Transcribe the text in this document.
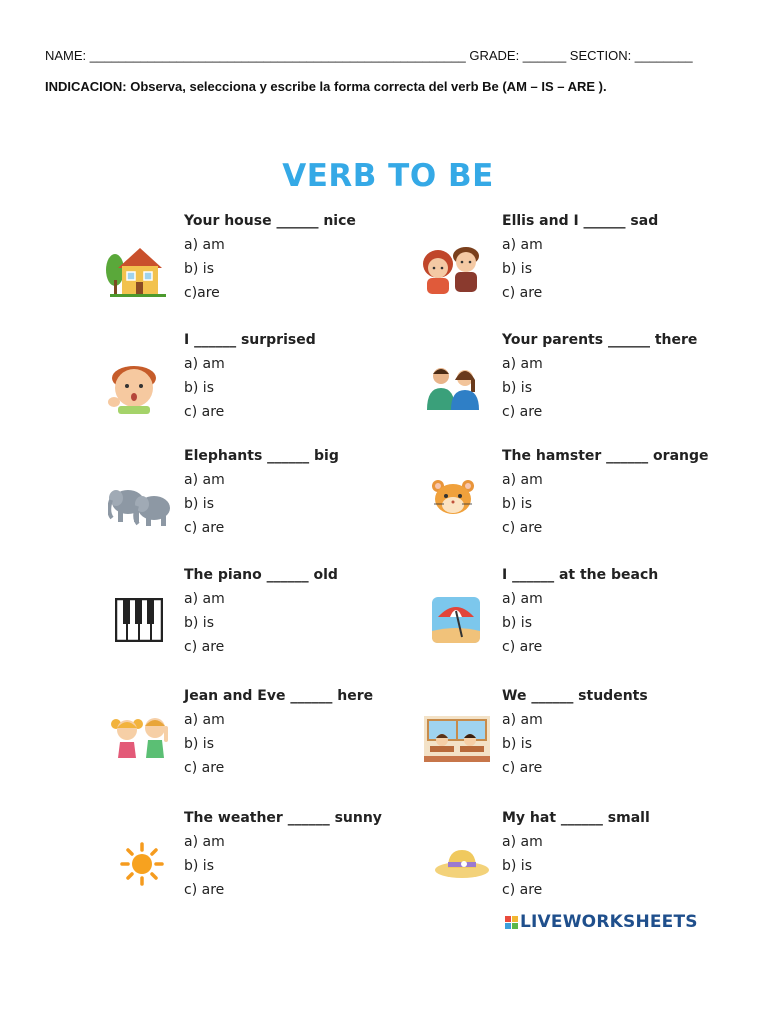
NAME: ____________________________________________________ GRADE: ______ SECTION: ________
INDICACION: Observa, selecciona y escribe la forma correcta del verb Be (AM – IS – ARE ).
VERB TO BE
Your house ______ nice
a) am
b) is
c)are
Ellis and I ______ sad
a) am
b) is
c) are
I ______ surprised
a) am
b) is
c) are
Your parents ______ there
a) am
b) is
c) are
Elephants ______ big
a) am
b) is
c) are
The hamster ______ orange
a) am
b) is
c) are
The piano ______ old
a) am
b) is
c) are
I ______ at the beach
a) am
b) is
c) are
Jean and Eve ______ here
a) am
b) is
c) are
We ______ students
a) am
b) is
c) are
The weather ______ sunny
a) am
b) is
c) are
My hat ______ small
a) am
b) is
c) are
LIVEWORKSHEETS
